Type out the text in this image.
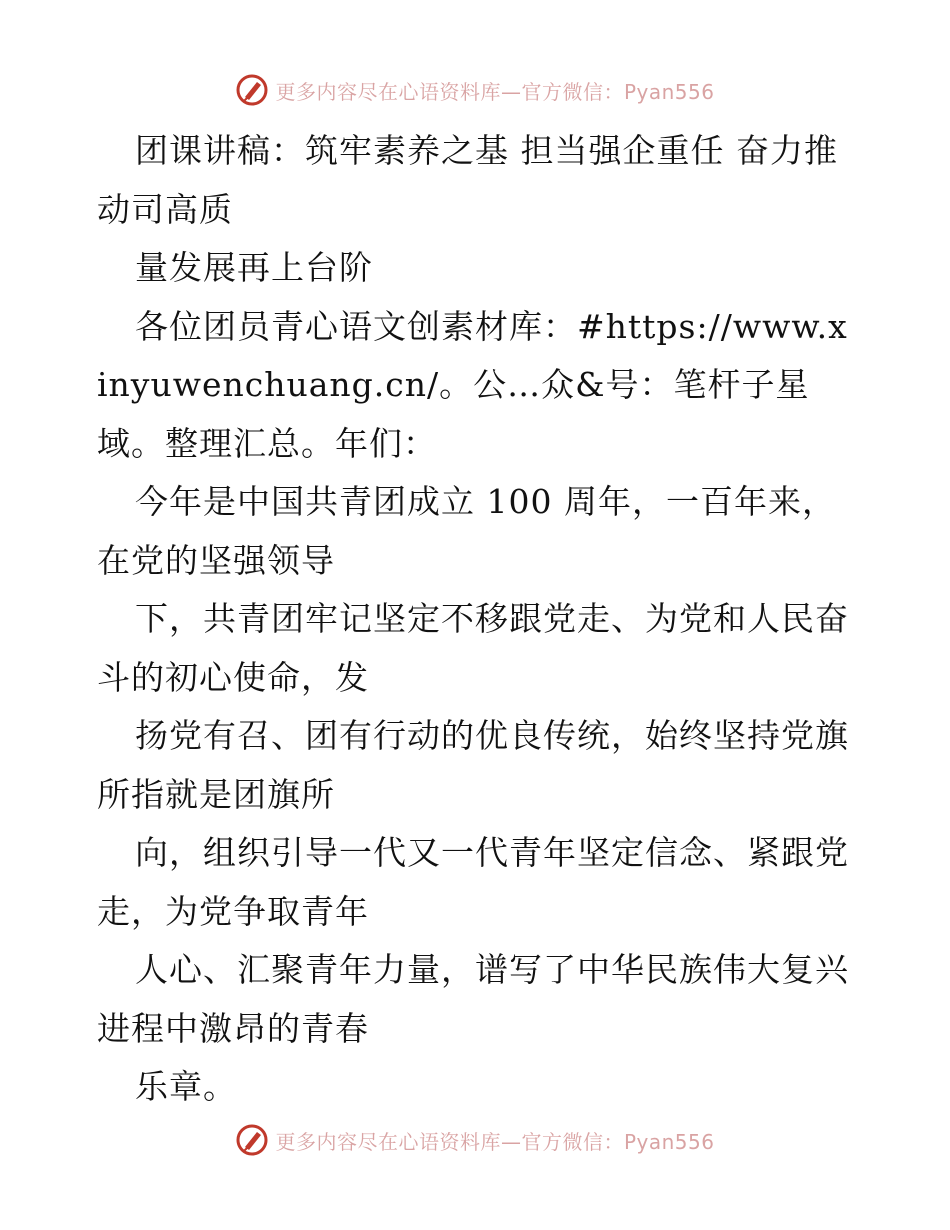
更多内容尽在心语资料库—官方微信：Pyan556

团课讲稿：筑牢素养之基 担当强企重任 奋力推动司高质

量发展再上台阶

各位团员青心语文创素材库：#https://www.xinyuwenchuang.cn/。公…众&号：笔杆子星域。整理汇总。年们：

今年是中国共青团成立 100 周年，一百年来，在党的坚强领导

下，共青团牢记坚定不移跟党走、为党和人民奋斗的初心使命，发

扬党有召、团有行动的优良传统，始终坚持党旗所指就是团旗所

向，组织引导一代又一代青年坚定信念、紧跟党走，为党争取青年

人心、汇聚青年力量，谱写了中华民族伟大复兴进程中激昂的青春

乐章。

更多内容尽在心语资料库—官方微信：Pyan556
